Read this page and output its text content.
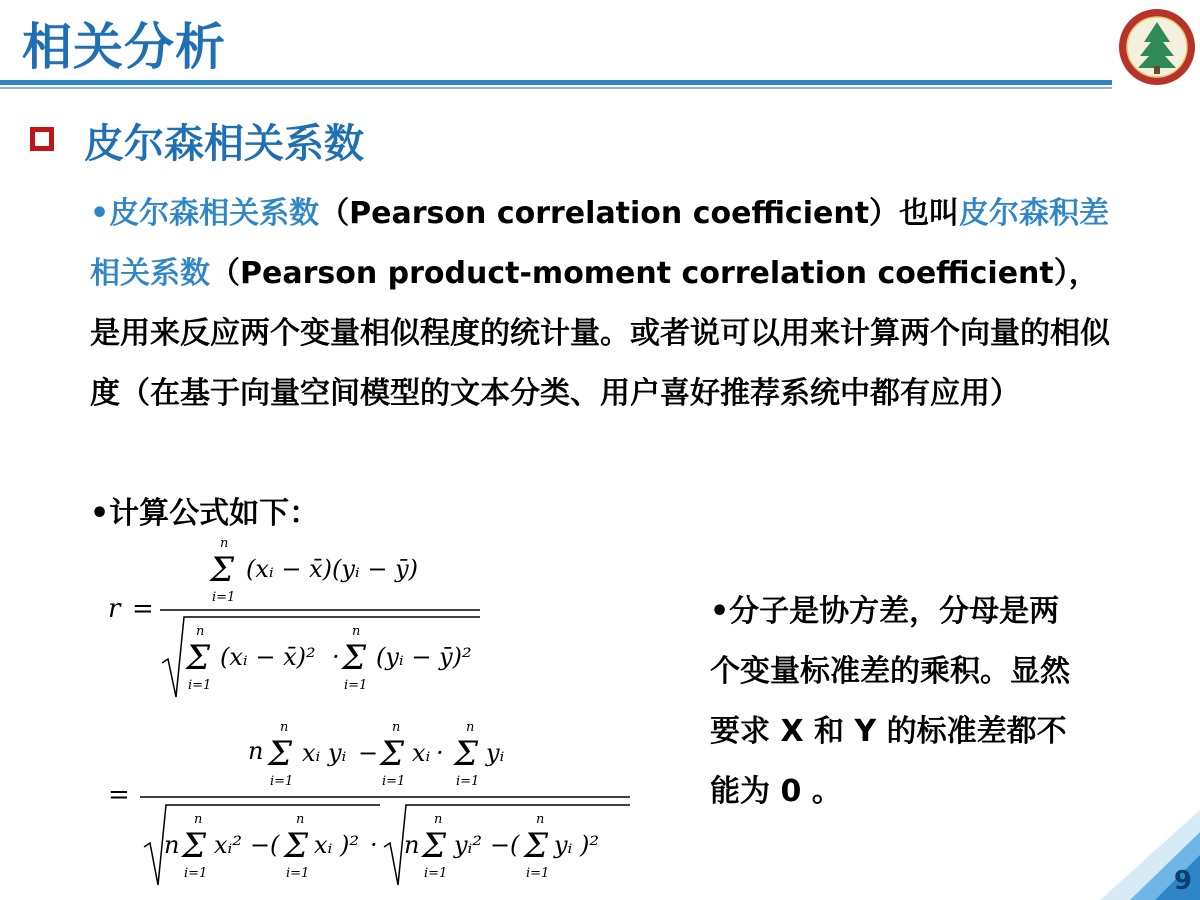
相关分析
皮尔森相关系数
•皮尔森相关系数（Pearson correlation coefficient）也叫皮尔森积差相关系数（Pearson product-moment correlation coefficient），是用来反应两个变量相似程度的统计量。或者说可以用来计算两个向量的相似度（在基于向量空间模型的文本分类、用户喜好推荐系统中都有应用）
•计算公式如下：
r =
n
Σ
i=1
(xᵢ − x̄)(yᵢ − ȳ)
n
Σ
i=1
(xᵢ − x̄)² ·
n
Σ
i=1
(yᵢ − ȳ)²
=
n
n
Σ
i=1
xᵢ yᵢ −
n
Σ
i=1
xᵢ ·
n
Σ
i=1
yᵢ
n
n
Σ
i=1
xᵢ² − (
n
Σ
i=1
xᵢ )² · n
n
Σ
i=1
yᵢ² − (
n
Σ
i=1
yᵢ )²
•分子是协方差，分母是两个变量标准差的乘积。显然要求 X 和 Y 的标准差都不能为 0 。
9
